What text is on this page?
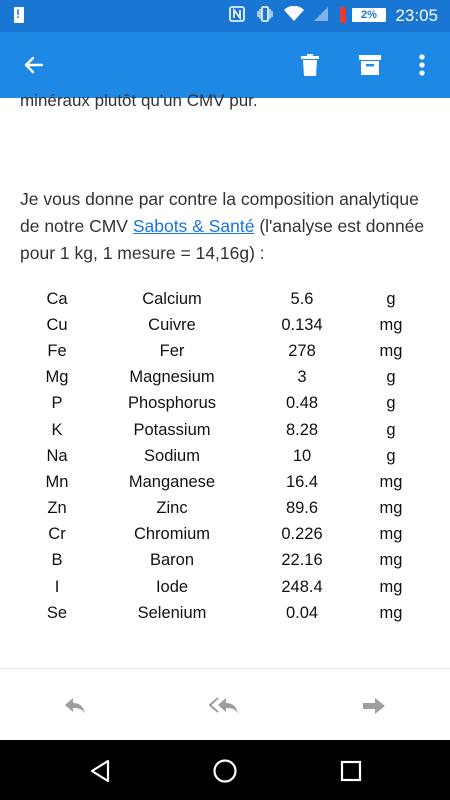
!
2%	23:05
minéraux plutôt qu'un CMV pur.
Je vous donne par contre la composition analytique de notre CMV Sabots & Santé (l'analyse est donnée pour 1 kg, 1 mesure = 14,16g) :
Ca	Calcium	5.6	g
Cu	Cuivre	0.134	mg
Fe	Fer	278	mg
Mg	Magnesium	3	g
P	Phosphorus	0.48	g
K	Potassium	8.28	g
Na	Sodium	10	g
Mn	Manganese	16.4	mg
Zn	Zinc	89.6	mg
Cr	Chromium	0.226	mg
B	Baron	22.16	mg
I	Iode	248.4	mg
Se	Selenium	0.04	mg
